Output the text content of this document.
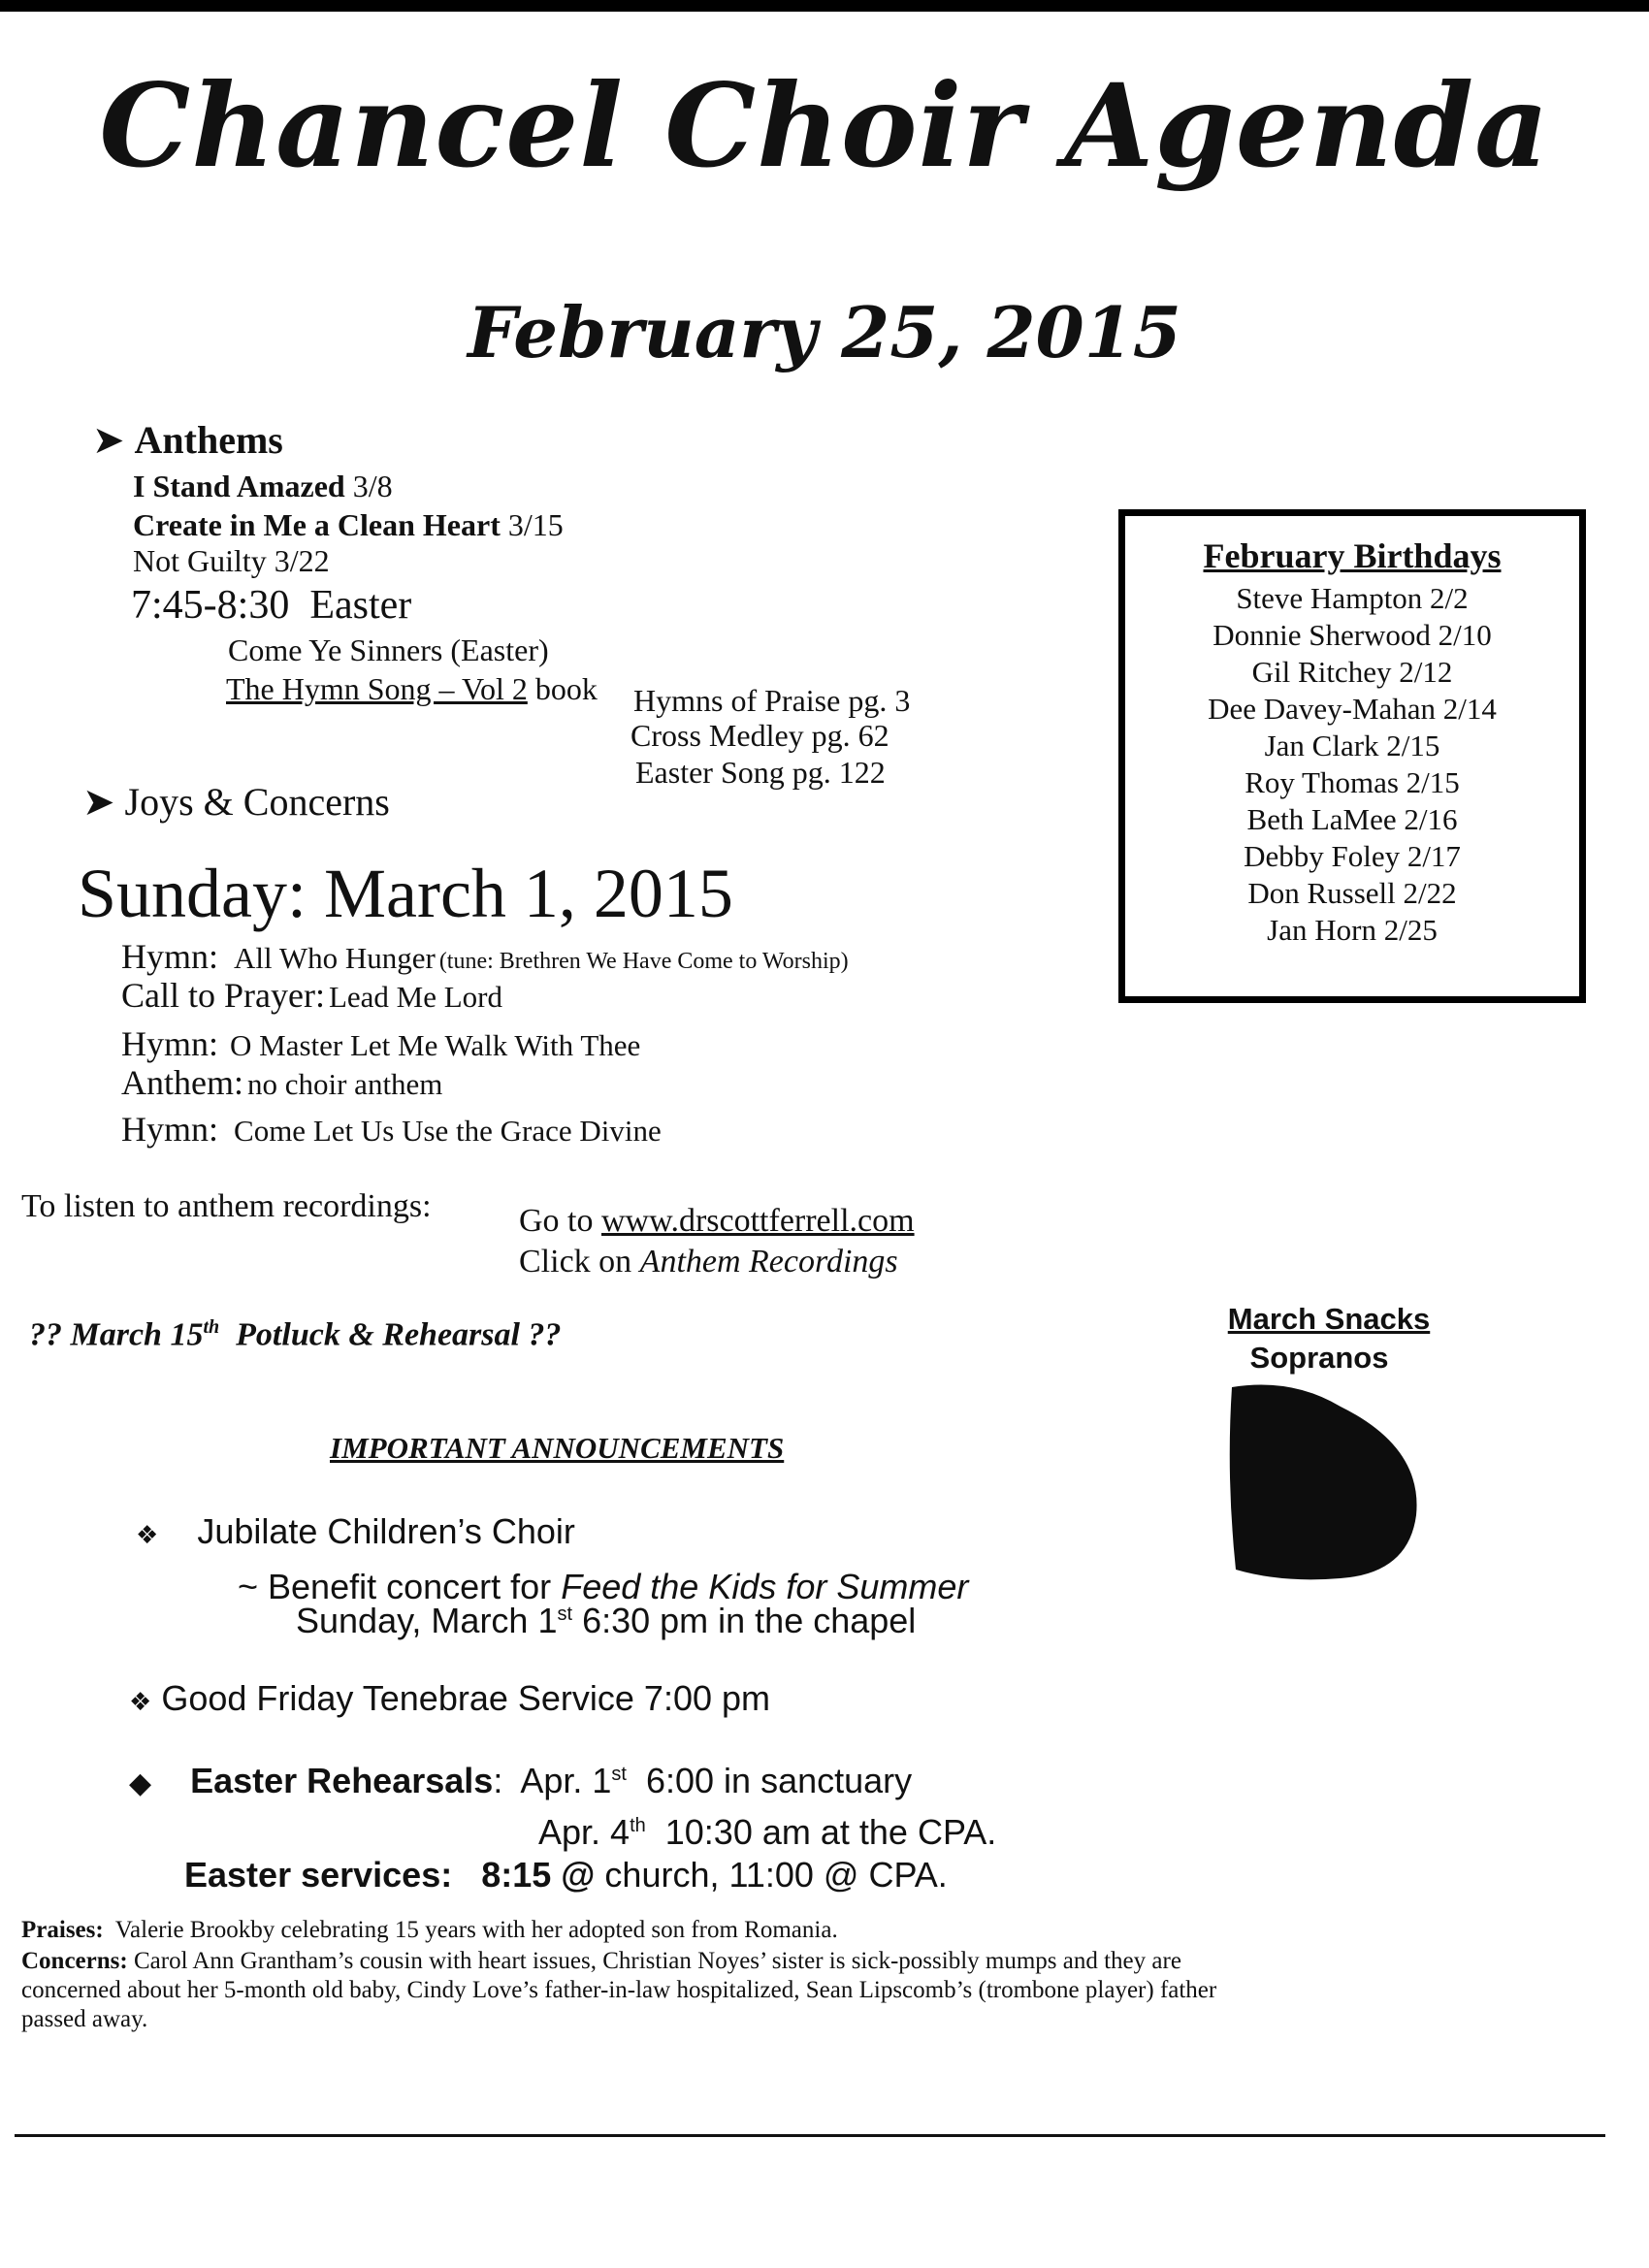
Chancel Choir Agenda
February 25, 2015
➤ Anthems
I Stand Amazed 3/8
Create in Me a Clean Heart 3/15
Not Guilty 3/22
7:45-8:30 Easter
Come Ye Sinners (Easter)
The Hymn Song – Vol 2 book Hymns of Praise pg. 3
Cross Medley pg. 62
Easter Song pg. 122
➤ Joys & Concerns
February Birthdays
Steve Hampton 2/2
Donnie Sherwood 2/10
Gil Ritchey 2/12
Dee Davey-Mahan 2/14
Jan Clark 2/15
Roy Thomas 2/15
Beth LaMee 2/16
Debby Foley 2/17
Don Russell 2/22
Jan Horn 2/25
Sunday: March 1, 2015
Hymn: All Who Hunger (tune: Brethren We Have Come to Worship)
Call to Prayer: Lead Me Lord
Hymn: O Master Let Me Walk With Thee
Anthem: no choir anthem
Hymn: Come Let Us Use the Grace Divine
To listen to anthem recordings:	Go to www.drscottferrell.com
Click on Anthem Recordings
?? March 15th Potluck & Rehearsal ??	March Snacks
Sopranos
IMPORTANT ANNOUNCEMENTS
❖ Jubilate Children’s Choir
~ Benefit concert for Feed the Kids for Summer
Sunday, March 1st 6:30 pm in the chapel
❖ Good Friday Tenebrae Service 7:00 pm
◆ Easter Rehearsals:  Apr. 1st 6:00 in sanctuary
Apr. 4th 10:30 am at the CPA.
Easter services: 8:15 @ church, 11:00 @ CPA.
Praises: Valerie Brookby celebrating 15 years with her adopted son from Romania.
Concerns: Carol Ann Grantham’s cousin with heart issues, Christian Noyes’ sister is sick-possibly mumps and they are
concerned about her 5-month old baby, Cindy Love’s father-in-law hospitalized, Sean Lipscomb’s (trombone player) father
passed away.
